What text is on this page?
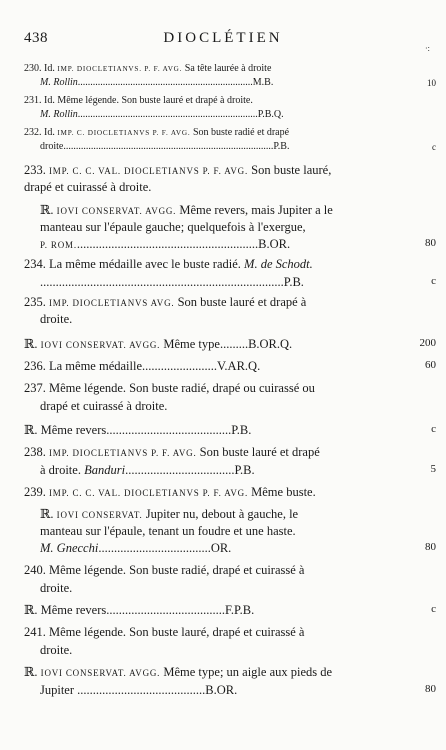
438	DIOCLÉTIEN
·:
230. Id. IMP. DIOCLETIANVS. P. F. AVG. Sa tête laurée à droite
M. Rollin......................................................................M.B.
231. Id. Même légende. Son buste lauré et drapé à droite.
M. Rollin........................................................................P.B.Q.
232. Id. IMP. C. DIOCLETIANVS P. F. AVG. Son buste radié et drapé
droite....................................................................................P.B.
233. IMP. C. C. VAL. DIOCLETIANVS P. F. AVG. Son buste lauré,
drapé et cuirassé à droite.
ℝ. IOVI CONSERVAT. AVGG. Même revers, mais Jupiter a le
manteau sur l'épaule gauche; quelquefois à l'exergue,
P. ROM...........................................................B.OR.
234. La même médaille avec le buste radié. M. de Schodt.
..............................................................................P.B.
235. IMP. DIOCLETIANVS AVG. Son buste lauré et drapé à
droite.
ℝ. IOVI CONSERVAT. AVGG. Même type.........B.OR.Q.
236. La même médaille........................V.AR.Q.
237. Même légende. Son buste radié, drapé ou cuirassé ou
drapé et cuirassé à droite.
ℝ. Même revers........................................P.B.
238. IMP. DIOCLETIANVS P. F. AVG. Son buste lauré et drapé
à droite. Banduri...................................P.B.
239. IMP. C. C. VAL. DIOCLETIANVS P. F. AVG. Même buste.
ℝ. IOVI CONSERVAT. Jupiter nu, debout à gauche, le
manteau sur l'épaule, tenant un foudre et une haste.
M. Gnecchi....................................OR.
240. Même légende. Son buste radié, drapé et cuirassé à
droite.
ℝ. Même revers......................................F.P.B.
241. Même légende. Son buste lauré, drapé et cuirassé à
droite.
ℝ. IOVI CONSERVAT. AVGG. Même type; un aigle aux pieds de
Jupiter .........................................B.OR.
10
c
80
c
200
60
c
5
80
c
80
